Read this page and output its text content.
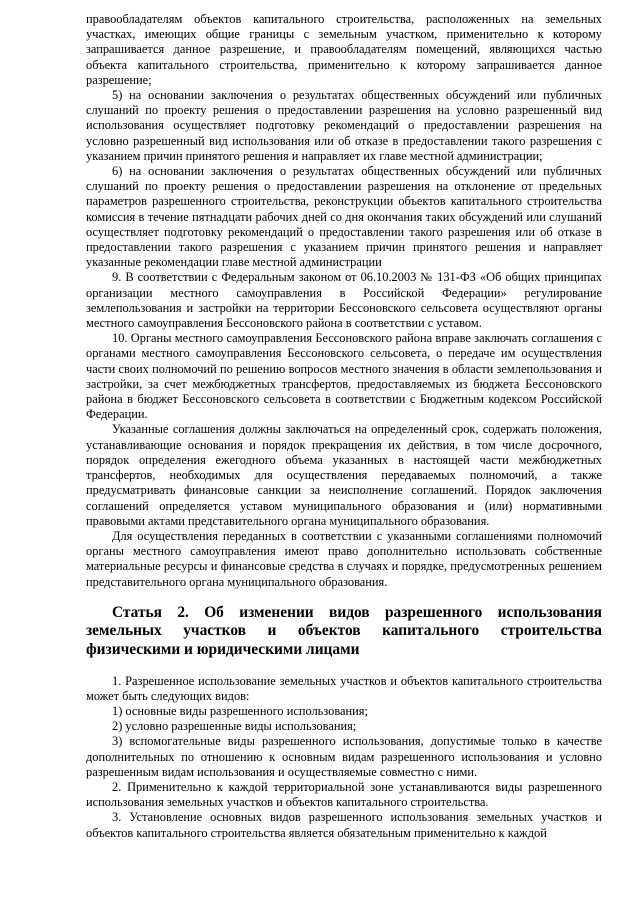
правообладателям объектов капитального строительства, расположенных на земельных участках, имеющих общие границы с земельным участком, применительно к которому запрашивается данное разрешение, и правообладателям помещений, являющихся частью объекта капитального строительства, применительно к которому запрашивается данное разрешение;

5) на основании заключения о результатах общественных обсуждений или публичных слушаний по проекту решения о предоставлении разрешения на условно разрешенный вид использования осуществляет подготовку рекомендаций о предоставлении разрешения на условно разрешенный вид использования или об отказе в предоставлении такого разрешения с указанием причин принятого решения и направляет их главе местной администрации;

6) на основании заключения о результатах общественных обсуждений или публичных слушаний по проекту решения о предоставлении разрешения на отклонение от предельных параметров разрешенного строительства, реконструкции объектов капитального строительства комиссия в течение пятнадцати рабочих дней со дня окончания таких обсуждений или слушаний осуществляет подготовку рекомендаций о предоставлении такого разрешения или об отказе в предоставлении такого разрешения с указанием причин принятого решения и направляет указанные рекомендации главе местной администрации

9. В соответствии с Федеральным законом от 06.10.2003 № 131-ФЗ «Об общих принципах организации местного самоуправления в Российской Федерации» регулирование землепользования и застройки на территории Бессоновского сельсовета осуществляют органы местного самоуправления Бессоновского района в соответствии с уставом.

10. Органы местного самоуправления Бессоновского района вправе заключать соглашения с органами местного самоуправления Бессоновского сельсовета, о передаче им осуществления части своих полномочий по решению вопросов местного значения в области землепользования и застройки, за счет межбюджетных трансфертов, предоставляемых из бюджета Бессоновского района в бюджет Бессоновского сельсовета в соответствии с Бюджетным кодексом Российской Федерации.

Указанные соглашения должны заключаться на определенный срок, содержать положения, устанавливающие основания и порядок прекращения их действия, в том числе досрочного, порядок определения ежегодного объема указанных в настоящей части межбюджетных трансфертов, необходимых для осуществления передаваемых полномочий, а также предусматривать финансовые санкции за неисполнение соглашений. Порядок заключения соглашений определяется уставом муниципального образования и (или) нормативными правовыми актами представительного органа муниципального образования.

Для осуществления переданных в соответствии с указанными соглашениями полномочий органы местного самоуправления имеют право дополнительно использовать собственные материальные ресурсы и финансовые средства в случаях и порядке, предусмотренных решением представительного органа муниципального образования.

Статья 2. Об изменении видов разрешенного использования земельных участков и объектов капитального строительства физическими и юридическими лицами

1. Разрешенное использование земельных участков и объектов капитального строительства может быть следующих видов:

1) основные виды разрешенного использования;

2) условно разрешенные виды использования;

3) вспомогательные виды разрешенного использования, допустимые только в качестве дополнительных по отношению к основным видам разрешенного использования и условно разрешенным видам использования и осуществляемые совместно с ними.

2. Применительно к каждой территориальной зоне устанавливаются виды разрешенного использования земельных участков и объектов капитального строительства.

3. Установление основных видов разрешенного использования земельных участков и объектов капитального строительства является обязательным применительно к каждой
